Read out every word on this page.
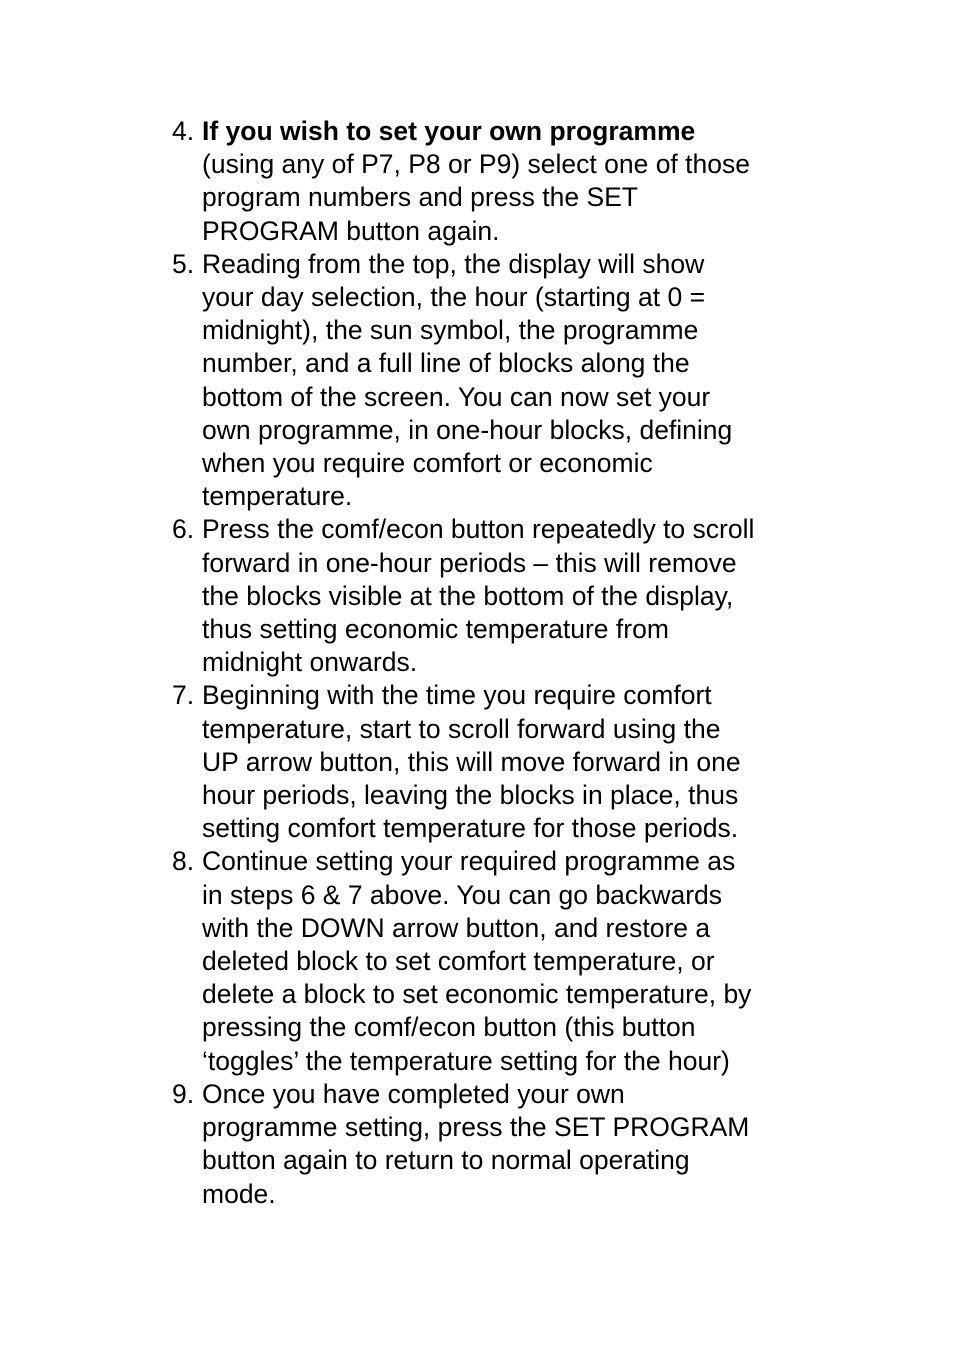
4. If you wish to set your own programme
(using any of P7, P8 or P9) select one of those
program numbers and press the SET
PROGRAM button again.
5. Reading from the top, the display will show
your day selection, the hour (starting at 0 =
midnight), the sun symbol, the programme
number, and a full line of blocks along the
bottom of the screen. You can now set your
own programme, in one-hour blocks, defining
when you require comfort or economic
temperature.
6. Press the comf/econ button repeatedly to scroll
forward in one-hour periods – this will remove
the blocks visible at the bottom of the display,
thus setting economic temperature from
midnight onwards.
7. Beginning with the time you require comfort
temperature, start to scroll forward using the
UP arrow button, this will move forward in one
hour periods, leaving the blocks in place, thus
setting comfort temperature for those periods.
8. Continue setting your required programme as
in steps 6 & 7 above. You can go backwards
with the DOWN arrow button, and restore a
deleted block to set comfort temperature, or
delete a block to set economic temperature, by
pressing the comf/econ button (this button
‘toggles’ the temperature setting for the hour)
9. Once you have completed your own
programme setting, press the SET PROGRAM
button again to return to normal operating
mode.
